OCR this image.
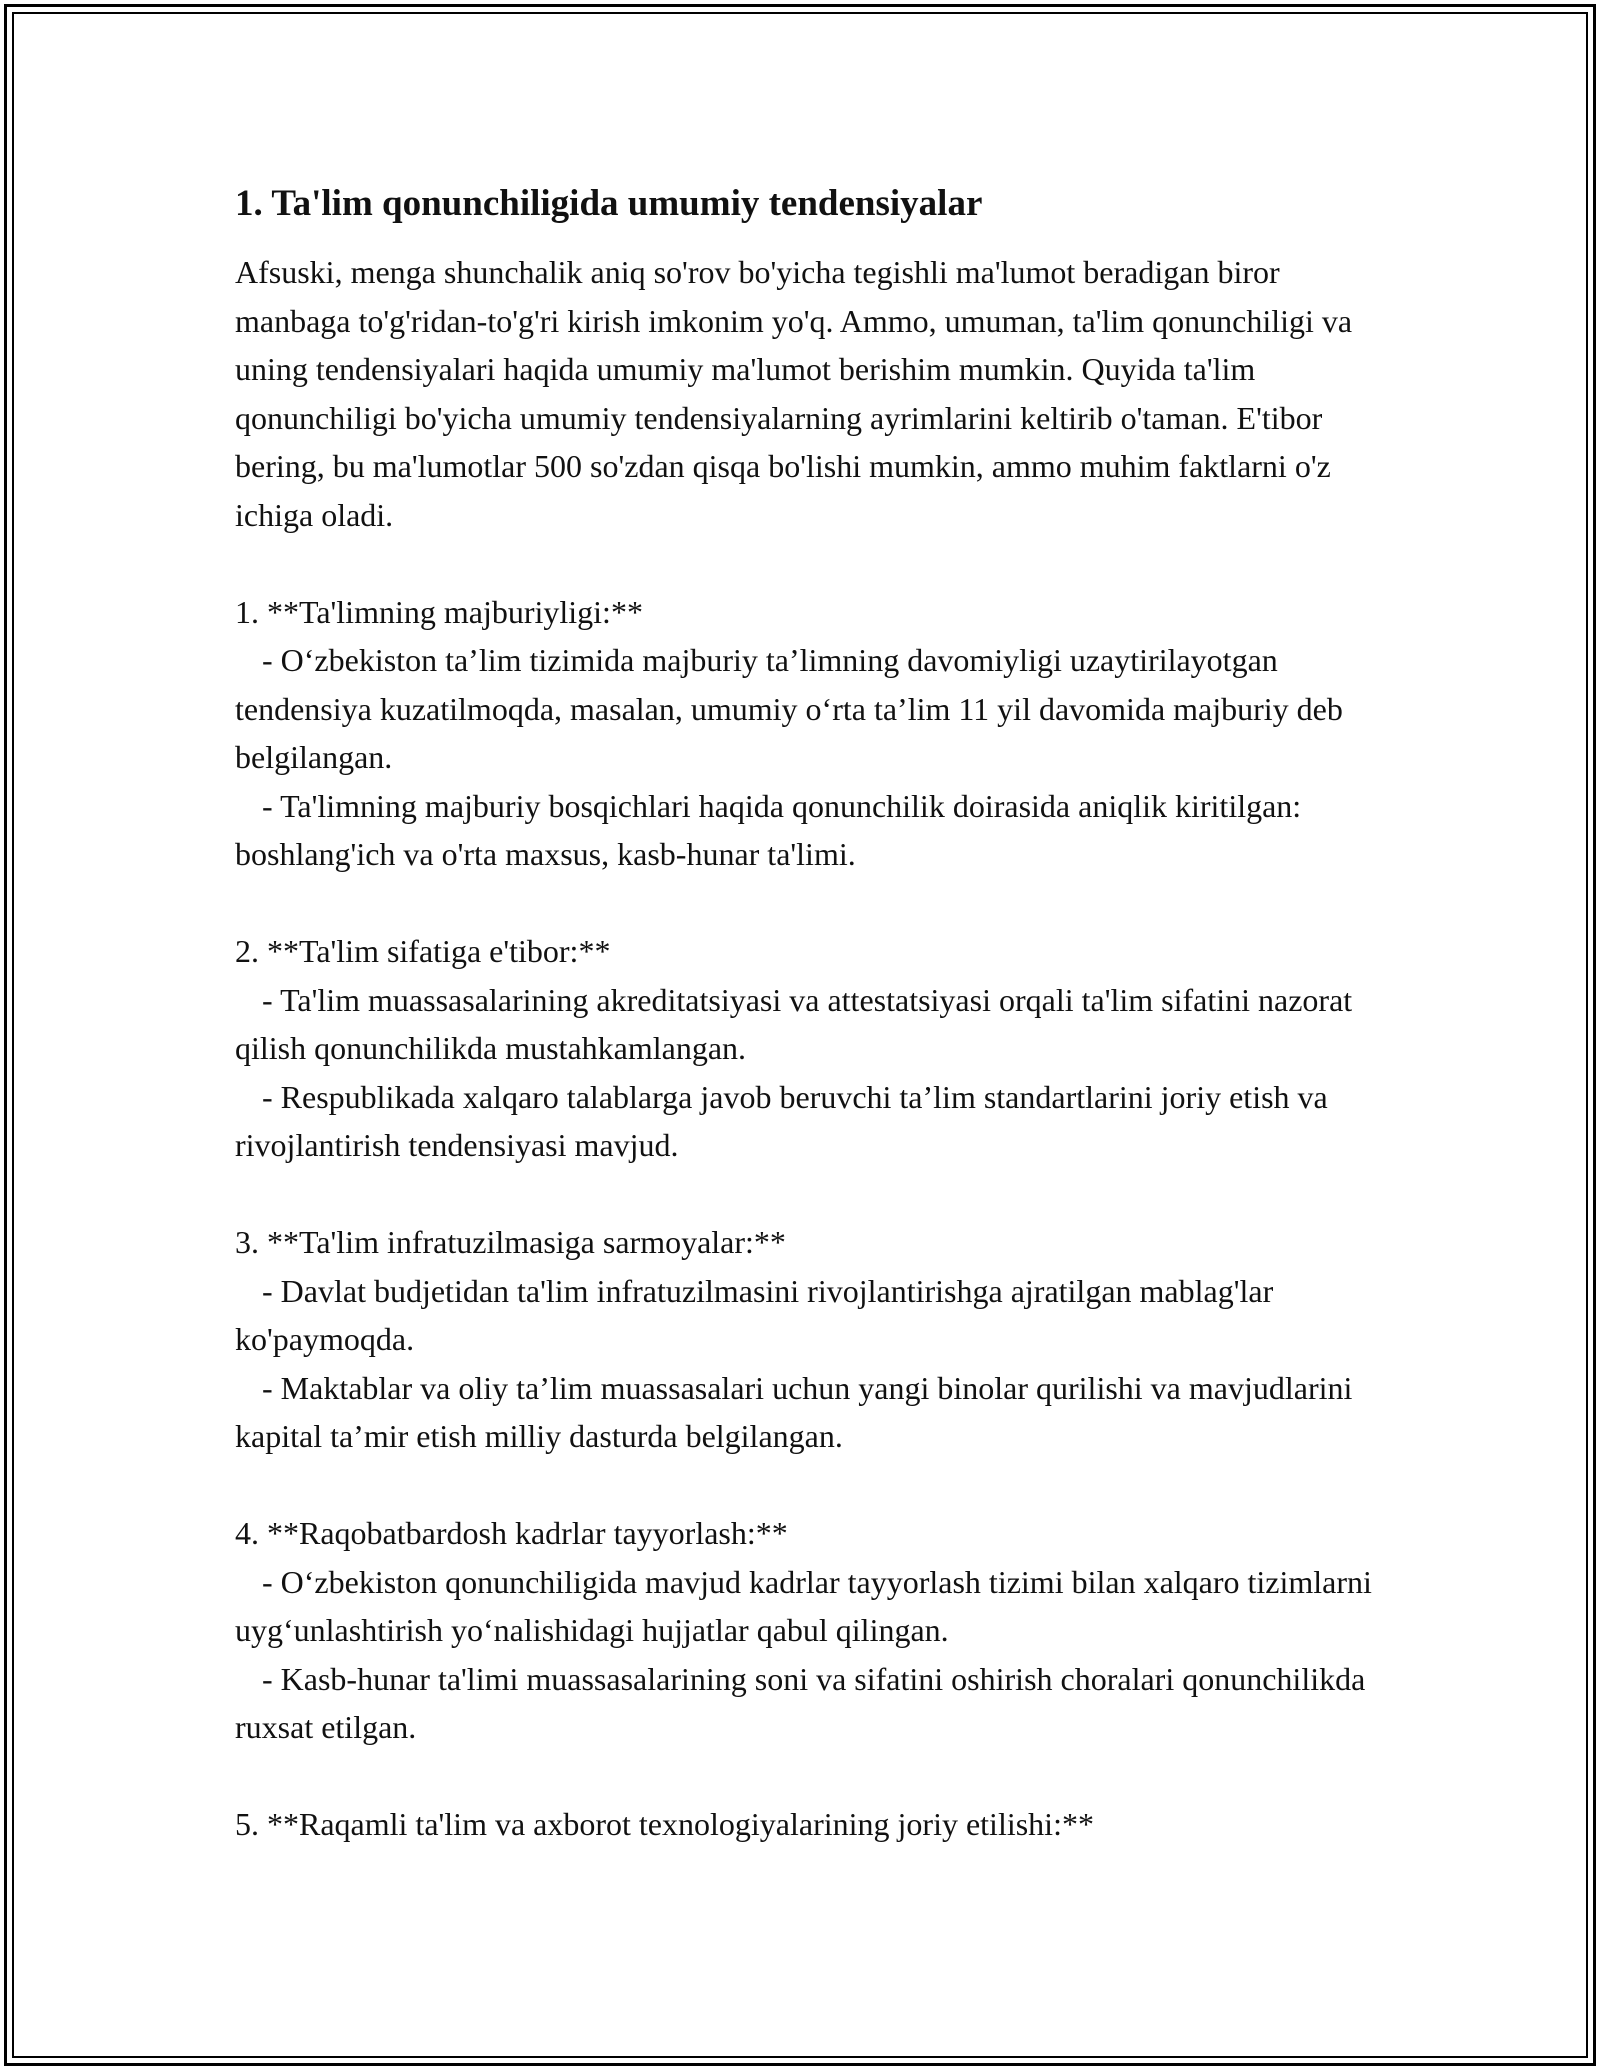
1. Ta'lim qonunchiligida umumiy tendensiyalar

Afsuski, menga shunchalik aniq so'rov bo'yicha tegishli ma'lumot beradigan biror manbaga to'g'ridan-to'g'ri kirish imkonim yo'q. Ammo, umuman, ta'lim qonunchiligi va uning tendensiyalari haqida umumiy ma'lumot berishim mumkin. Quyida ta'lim qonunchiligi bo'yicha umumiy tendensiyalarning ayrimlarini keltirib o'taman. E'tibor bering, bu ma'lumotlar 500 so'zdan qisqa bo'lishi mumkin, ammo muhim faktlarni o'z ichiga oladi.

1. **Ta'limning majburiyligi:**

- O‘zbekiston ta’lim tizimida majburiy ta’limning davomiyligi uzaytirilayotgan tendensiya kuzatilmoqda, masalan, umumiy o‘rta ta’lim 11 yil davomida majburiy deb belgilangan.

- Ta'limning majburiy bosqichlari haqida qonunchilik doirasida aniqlik kiritilgan: boshlang'ich va o'rta maxsus, kasb-hunar ta'limi.

2. **Ta'lim sifatiga e'tibor:**

- Ta'lim muassasalarining akreditatsiyasi va attestatsiyasi orqali ta'lim sifatini nazorat qilish qonunchilikda mustahkamlangan.

- Respublikada xalqaro talablarga javob beruvchi ta’lim standartlarini joriy etish va rivojlantirish tendensiyasi mavjud.

3. **Ta'lim infratuzilmasiga sarmoyalar:**

- Davlat budjetidan ta'lim infratuzilmasini rivojlantirishga ajratilgan mablag'lar ko'paymoqda.

- Maktablar va oliy ta’lim muassasalari uchun yangi binolar qurilishi va mavjudlarini kapital ta’mir etish milliy dasturda belgilangan.

4. **Raqobatbardosh kadrlar tayyorlash:**

- O‘zbekiston qonunchiligida mavjud kadrlar tayyorlash tizimi bilan xalqaro tizimlarni uyg‘unlashtirish yo‘nalishidagi hujjatlar qabul qilingan.

- Kasb-hunar ta'limi muassasalarining soni va sifatini oshirish choralari qonunchilikda ruxsat etilgan.

5. **Raqamli ta'lim va axborot texnologiyalarining joriy etilishi:**
